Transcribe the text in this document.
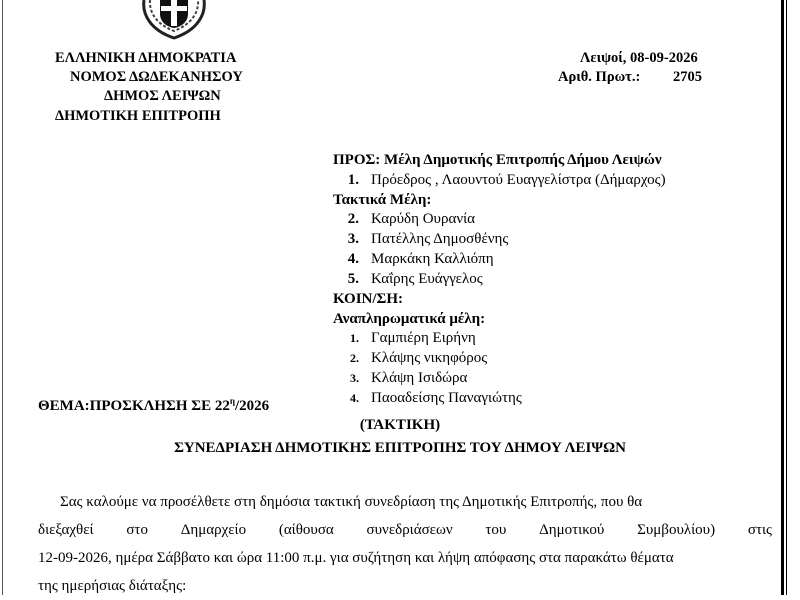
ΕΛΛΗΝΙΚΗ ΔΗΜΟΚΡΑΤΙΑ
ΝΟΜΟΣ ΔΩΔΕΚΑΝΗΣΟΥ
ΔΗΜΟΣ ΛΕΙΨΩΝ
ΔΗΜΟΤΙΚΗ ΕΠΙΤΡΟΠΗ
Λειψοί, 08-09-2026
Αριθ. Πρωτ.: 2705
ΠΡΟΣ: Μέλη Δημοτικής Επιτροπής Δήμου Λειψών
1. Πρόεδρος , Λαουντού Ευαγγελίστρα (Δήμαρχος)
Τακτικά Μέλη:
2. Καρύδη Ουρανία
3. Πατέλλης Δημοσθένης
4. Μαρκάκη Καλλιόπη
5. Καΐρης Ευάγγελος
ΚΟΙΝ/ΣΗ:
Αναπληρωματικά μέλη:
1. Γαμπιέρη Ειρήνη
2. Κλάψης νικηφόρος
3. Κλάψη Ισιδώρα
4. Παοαδείσης Παναγιώτης
ΘΕΜΑ:ΠΡΟΣΚΛΗΣΗ ΣΕ $22^\eta/2026$
(ΤΑΚΤΙΚΗ)
ΣΥΝΕΔΡΙΑΣΗ ΔΗΜΟΤΙΚΗΣ ΕΠΙΤΡΟΠΗΣ ΤΟΥ ΔΗΜΟΥ ΛΕΙΨΩΝ
Σας καλούμε να προσέλθετε στη δημόσια τακτική συνεδρίαση της Δημοτικής Επιτροπής, που θα
διεξαχθεί στο Δημαρχείο (αίθουσα συνεδριάσεων του Δημοτικού Συμβουλίου) στις
12-09-2026, ημέρα Σάββατο και ώρα 11:00 π.μ. για συζήτηση και λήψη απόφασης στα παρακάτω θέματα
της ημερήσιας διάταξης:
